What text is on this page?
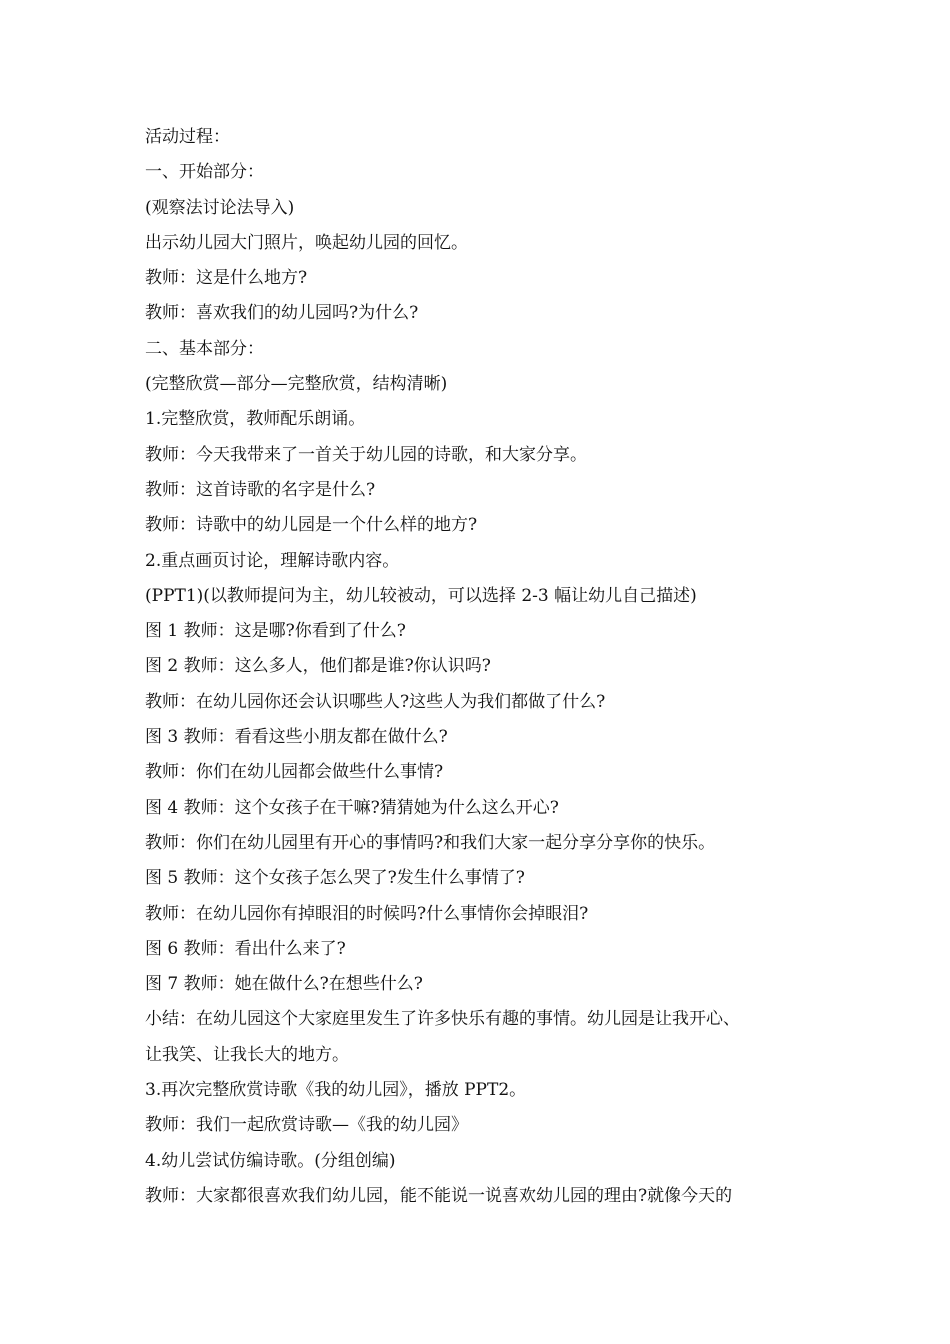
活动过程：
一、开始部分：
(观察法讨论法导入)
出示幼儿园大门照片，唤起幼儿园的回忆。
教师：这是什么地方?
教师：喜欢我们的幼儿园吗?为什么?
二、基本部分：
(完整欣赏—部分—完整欣赏，结构清晰)
1.完整欣赏，教师配乐朗诵。
教师：今天我带来了一首关于幼儿园的诗歌，和大家分享。
教师：这首诗歌的名字是什么?
教师：诗歌中的幼儿园是一个什么样的地方?
2.重点画页讨论，理解诗歌内容。
(PPT1)(以教师提问为主，幼儿较被动，可以选择 2-3 幅让幼儿自己描述)
图 1 教师：这是哪?你看到了什么?
图 2 教师：这么多人，他们都是谁?你认识吗?
教师：在幼儿园你还会认识哪些人?这些人为我们都做了什么?
图 3 教师：看看这些小朋友都在做什么?
教师：你们在幼儿园都会做些什么事情?
图 4 教师：这个女孩子在干嘛?猜猜她为什么这么开心?
教师：你们在幼儿园里有开心的事情吗?和我们大家一起分享分享你的快乐。
图 5 教师：这个女孩子怎么哭了?发生什么事情了?
教师：在幼儿园你有掉眼泪的时候吗?什么事情你会掉眼泪?
图 6 教师：看出什么来了?
图 7 教师：她在做什么?在想些什么?
小结：在幼儿园这个大家庭里发生了许多快乐有趣的事情。幼儿园是让我开心、
让我笑、让我长大的地方。
3.再次完整欣赏诗歌《我的幼儿园》，播放 PPT2。
教师：我们一起欣赏诗歌—《我的幼儿园》
4.幼儿尝试仿编诗歌。(分组创编)
教师：大家都很喜欢我们幼儿园，能不能说一说喜欢幼儿园的理由?就像今天的
